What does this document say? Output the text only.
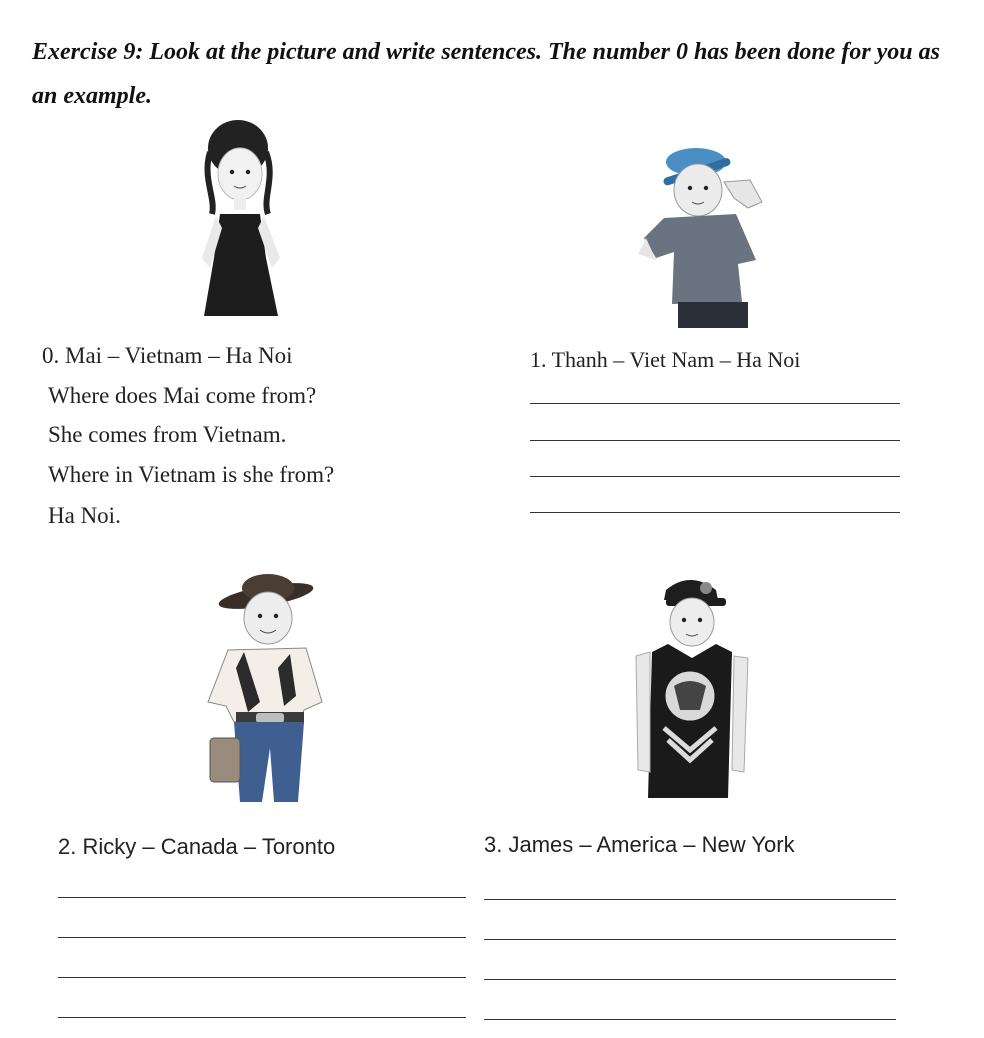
Exercise 9: Look at the picture and write sentences. The number 0 has been done for you as an example.
0. Mai – Vietnam – Ha Noi
Where does Mai come from?
She comes from Vietnam.
Where in Vietnam is she from?
Ha Noi.
1. Thanh – Viet Nam – Ha Noi
2. Ricky – Canada – Toronto	3. James – America – New York
